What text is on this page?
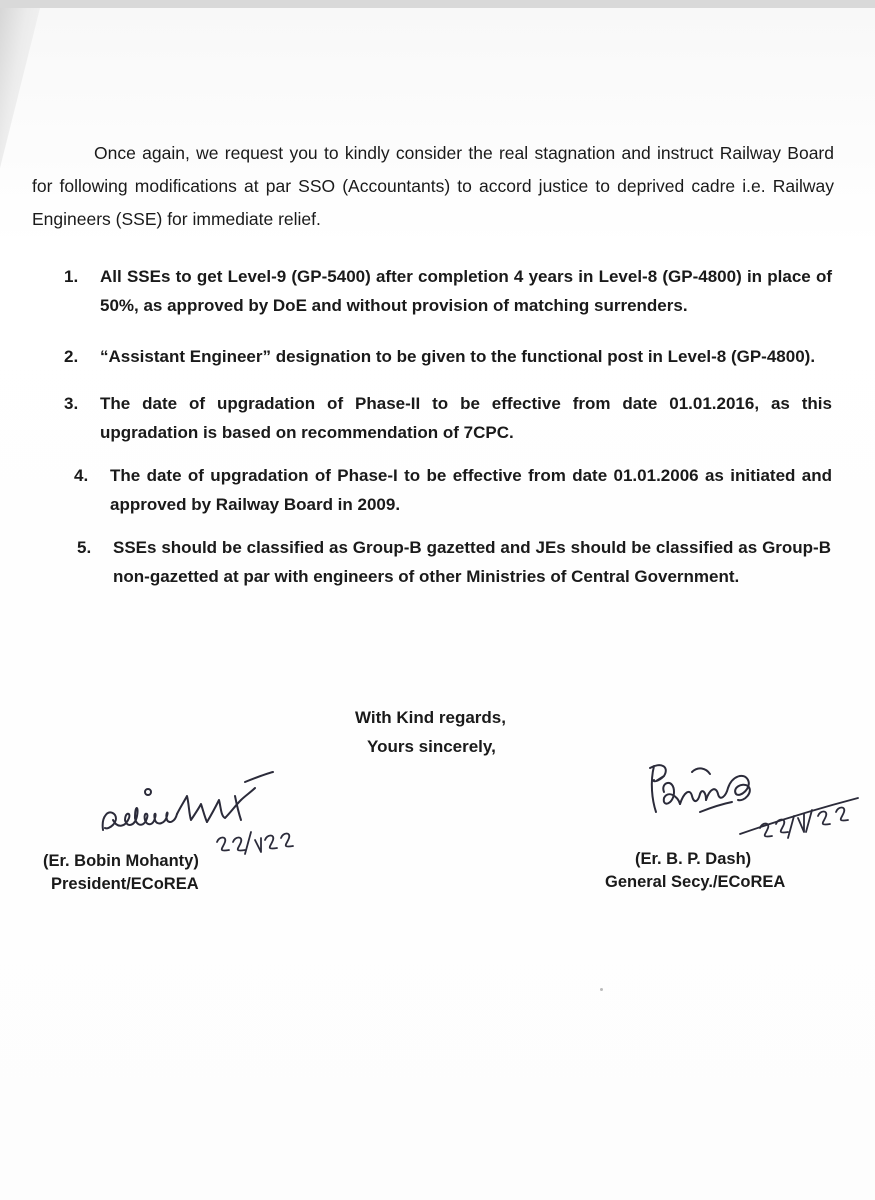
Once again, we request you to kindly consider the real stagnation and instruct Railway Board for following modifications at par SSO (Accountants) to accord justice to deprived cadre i.e. Railway Engineers (SSE) for immediate relief.

1. All SSEs to get Level-9 (GP-5400) after completion 4 years in Level-8 (GP-4800) in place of 50%, as approved by DoE and without provision of matching surrenders.
2. “Assistant Engineer” designation to be given to the functional post in Level-8 (GP-4800).
3. The date of upgradation of Phase-II to be effective from date 01.01.2016, as this upgradation is based on recommendation of 7CPC.
4. The date of upgradation of Phase-I to be effective from date 01.01.2006 as initiated and approved by Railway Board in 2009.
5. SSEs should be classified as Group-B gazetted and JEs should be classified as Group-B non-gazetted at par with engineers of other Ministries of Central Government.
With Kind regards,
Yours sincerely,
(Er. Bobin Mohanty)
President/ECoREA
(Er. B. P. Dash)
General Secy./ECoREA
